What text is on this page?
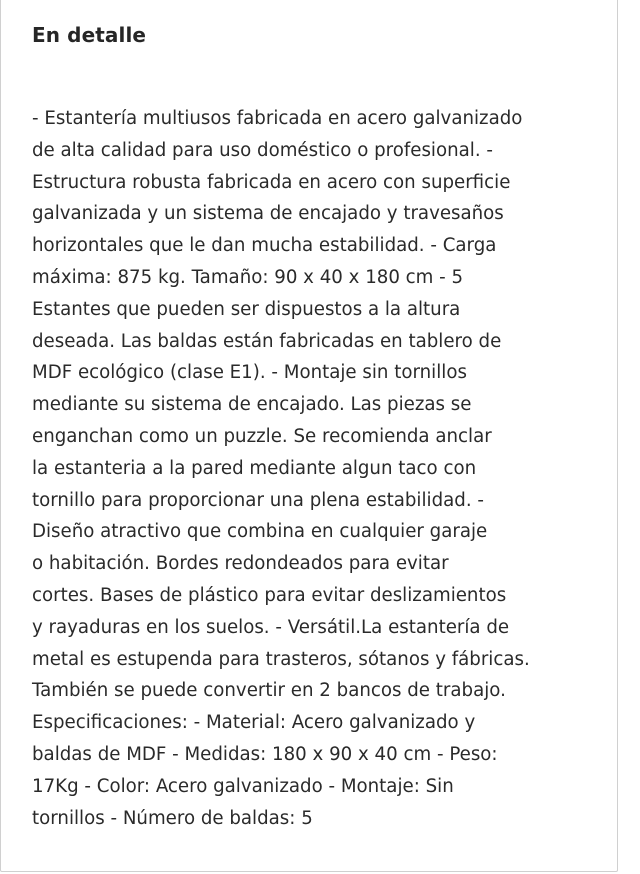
En detalle
- Estantería multiusos fabricada en acero galvanizado
de alta calidad para uso doméstico o profesional. -
Estructura robusta fabricada en acero con superficie
galvanizada y un sistema de encajado y travesaños
horizontales que le dan mucha estabilidad. - Carga
máxima: 875 kg. Tamaño: 90 x 40 x 180 cm - 5
Estantes que pueden ser dispuestos a la altura
deseada. Las baldas están fabricadas en tablero de
MDF ecológico (clase E1). - Montaje sin tornillos
mediante su sistema de encajado. Las piezas se
enganchan como un puzzle. Se recomienda anclar
la estanteria a la pared mediante algun taco con
tornillo para proporcionar una plena estabilidad. -
Diseño atractivo que combina en cualquier garaje
o habitación. Bordes redondeados para evitar
cortes. Bases de plástico para evitar deslizamientos
y rayaduras en los suelos. - Versátil.La estantería de
metal es estupenda para trasteros, sótanos y fábricas.
También se puede convertir en 2 bancos de trabajo.
Especificaciones: - Material: Acero galvanizado y
baldas de MDF - Medidas: 180 x 90 x 40 cm - Peso:
17Kg - Color: Acero galvanizado - Montaje: Sin
tornillos - Número de baldas: 5
